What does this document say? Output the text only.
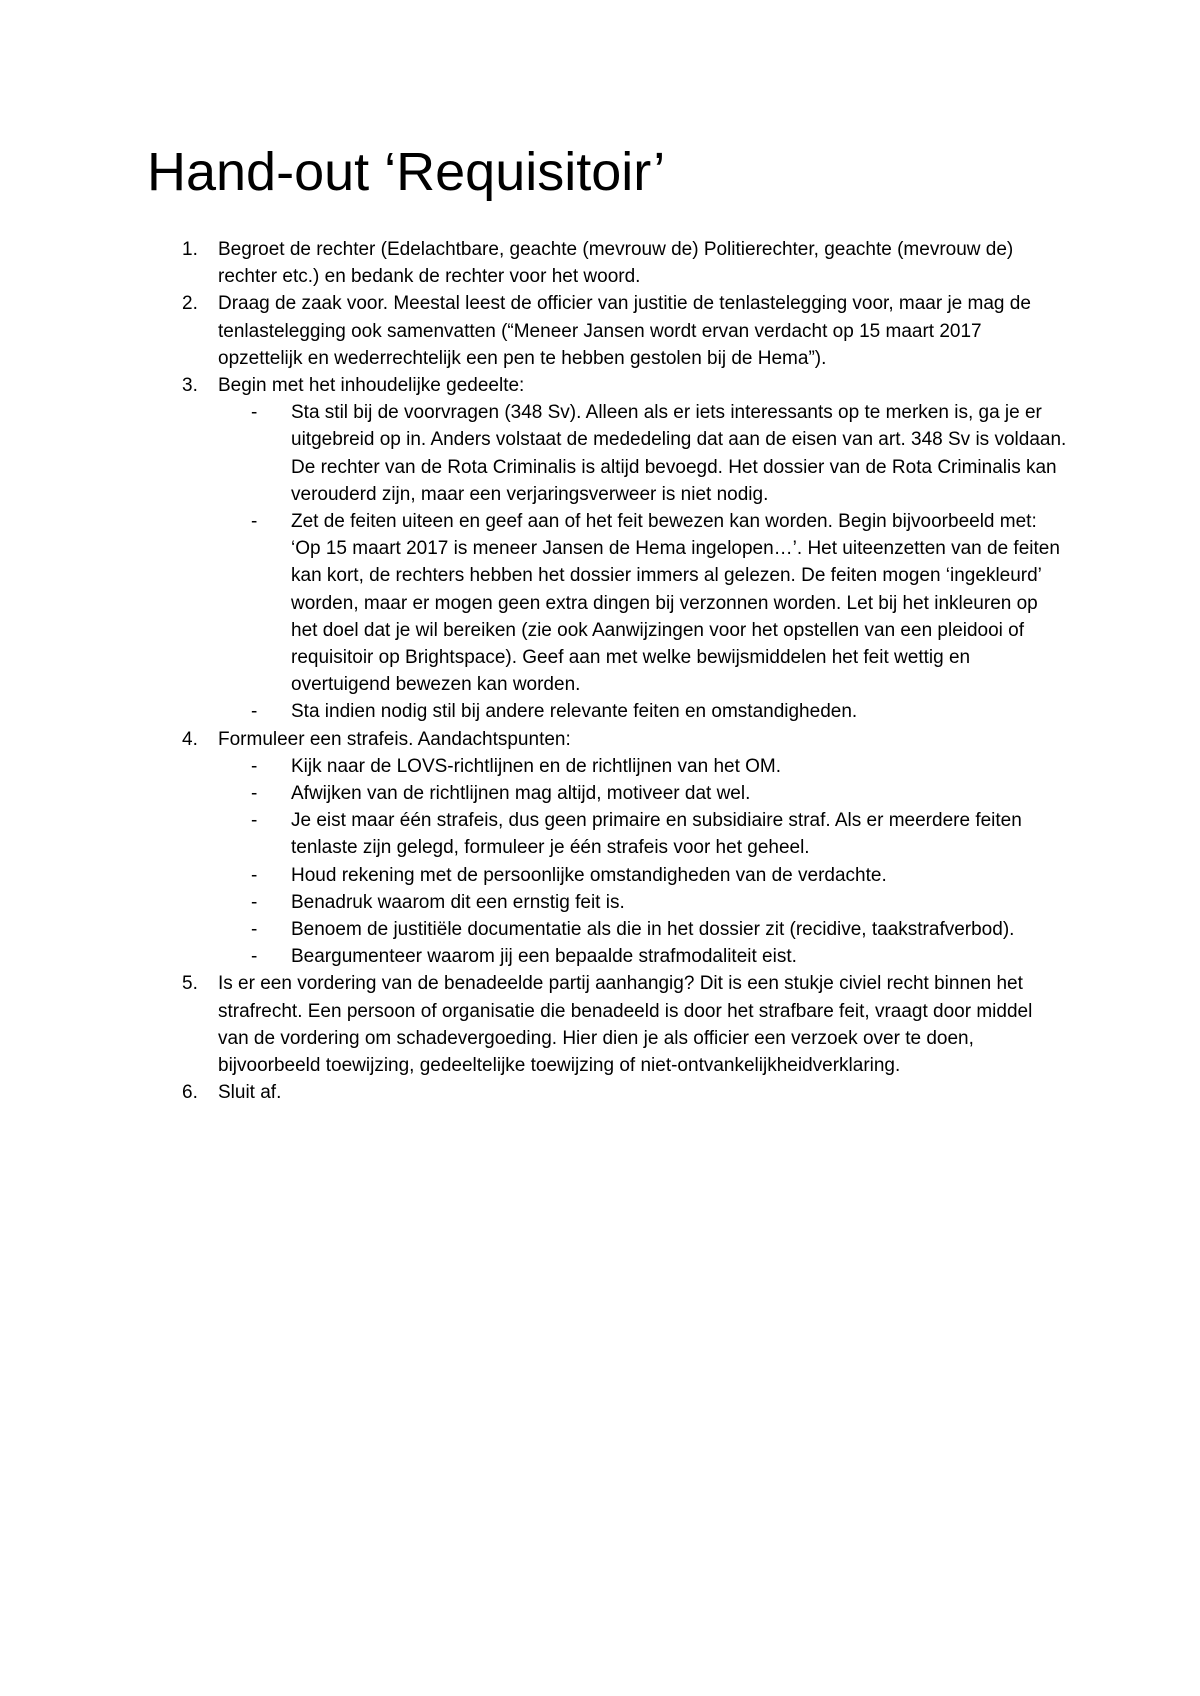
Hand-out ‘Requisitoir’
1.	Begroet de rechter (Edelachtbare, geachte (mevrouw de) Politierechter, geachte (mevrouw de) rechter etc.) en bedank de rechter voor het woord.
2.	Draag de zaak voor. Meestal leest de officier van justitie de tenlastelegging voor, maar je mag de tenlastelegging ook samenvatten (“Meneer Jansen wordt ervan verdacht op 15 maart 2017 opzettelijk en wederrechtelijk een pen te hebben gestolen bij de Hema”).
3.	Begin met het inhoudelijke gedeelte:
- Sta stil bij de voorvragen (348 Sv). Alleen als er iets interessants op te merken is, ga je er uitgebreid op in. Anders volstaat de mededeling dat aan de eisen van art. 348 Sv is voldaan. De rechter van de Rota Criminalis is altijd bevoegd. Het dossier van de Rota Criminalis kan verouderd zijn, maar een verjaringsverweer is niet nodig.
- Zet de feiten uiteen en geef aan of het feit bewezen kan worden. Begin bijvoorbeeld met: ‘Op 15 maart 2017 is meneer Jansen de Hema ingelopen…’. Het uiteenzetten van de feiten kan kort, de rechters hebben het dossier immers al gelezen. De feiten mogen ‘ingekleurd’ worden, maar er mogen geen extra dingen bij verzonnen worden. Let bij het inkleuren op het doel dat je wil bereiken (zie ook Aanwijzingen voor het opstellen van een pleidooi of requisitoir op Brightspace). Geef aan met welke bewijsmiddelen het feit wettig en overtuigend bewezen kan worden.
- Sta indien nodig stil bij andere relevante feiten en omstandigheden.
4.	Formuleer een strafeis. Aandachtspunten:
- Kijk naar de LOVS-richtlijnen en de richtlijnen van het OM.
- Afwijken van de richtlijnen mag altijd, motiveer dat wel.
- Je eist maar één strafeis, dus geen primaire en subsidiaire straf. Als er meerdere feiten tenlaste zijn gelegd, formuleer je één strafeis voor het geheel.
- Houd rekening met de persoonlijke omstandigheden van de verdachte.
- Benadruk waarom dit een ernstig feit is.
- Benoem de justitiële documentatie als die in het dossier zit (recidive, taakstrafverbod).
- Beargumenteer waarom jij een bepaalde strafmodaliteit eist.
5.	Is er een vordering van de benadeelde partij aanhangig? Dit is een stukje civiel recht binnen het strafrecht. Een persoon of organisatie die benadeeld is door het strafbare feit, vraagt door middel van de vordering om schadevergoeding. Hier dien je als officier een verzoek over te doen, bijvoorbeeld toewijzing, gedeeltelijke toewijzing of niet-ontvankelijkheidverklaring.
6.	Sluit af.
